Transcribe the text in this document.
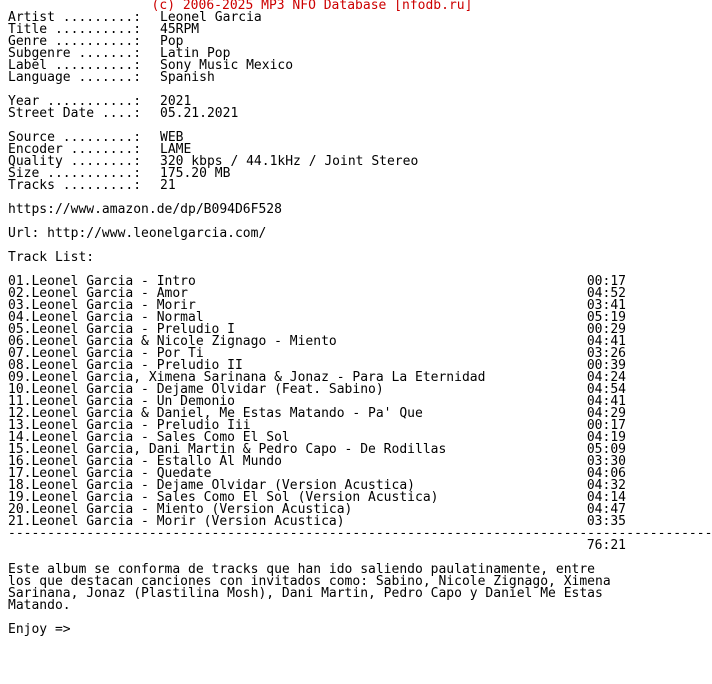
(c) 2006-2025 MP3 NFO Database [nfodb.ru]
Artist .........:	Leonel Garcia
Title ..........:	45RPM
Genre ..........:	Pop
Subgenre .......:	Latin Pop
Label ..........:	Sony Music Mexico
Language .......:	Spanish
Year ...........:	2021
Street Date ....:	05.21.2021
Source .........:	WEB
Encoder ........:	LAME
Quality ........:	320 kbps / 44.1kHz / Joint Stereo
Size ...........:	175.20 MB
Tracks .........:	21
https://www.amazon.de/dp/B094D6F528
Url: http://www.leonelgarcia.com/
Track List:
01.Leonel Garcia - Intro	00:17
02.Leonel Garcia - Amor	04:52
03.Leonel Garcia - Morir	03:41
04.Leonel Garcia - Normal	05:19
05.Leonel Garcia - Preludio I	00:29
06.Leonel Garcia & Nicole Zignago - Miento	04:41
07.Leonel Garcia - Por Ti	03:26
08.Leonel Garcia - Preludio II	00:39
09.Leonel Garcia, Ximena Sarinana & Jonaz - Para La Eternidad	04:24
10.Leonel Garcia - Dejame Olvidar (Feat. Sabino)	04:54
11.Leonel Garcia - Un Demonio	04:41
12.Leonel Garcia & Daniel, Me Estas Matando - Pa' Que	04:29
13.Leonel Garcia - Preludio Iii	00:17
14.Leonel Garcia - Sales Como El Sol	04:19
15.Leonel Garcia, Dani Martin & Pedro Capo - De Rodillas	05:09
16.Leonel Garcia - Estallo Al Mundo	03:30
17.Leonel Garcia - Quedate	04:06
18.Leonel Garcia - Dejame Olvidar (Version Acustica)	04:32
19.Leonel Garcia - Sales Como El Sol (Version Acustica)	04:14
20.Leonel Garcia - Miento (Version Acustica)	04:47
21.Leonel Garcia - Morir (Version Acustica)	03:35
------------------------------------------------------------------------------------------
76:21
Este album se conforma de tracks que han ido saliendo paulatinamente, entre
los que destacan canciones con invitados como: Sabino, Nicole Zignago, Ximena
Sarinana, Jonaz (Plastilina Mosh), Dani Martin, Pedro Capo y Daniel Me Estas
Matando.
Enjoy =>
